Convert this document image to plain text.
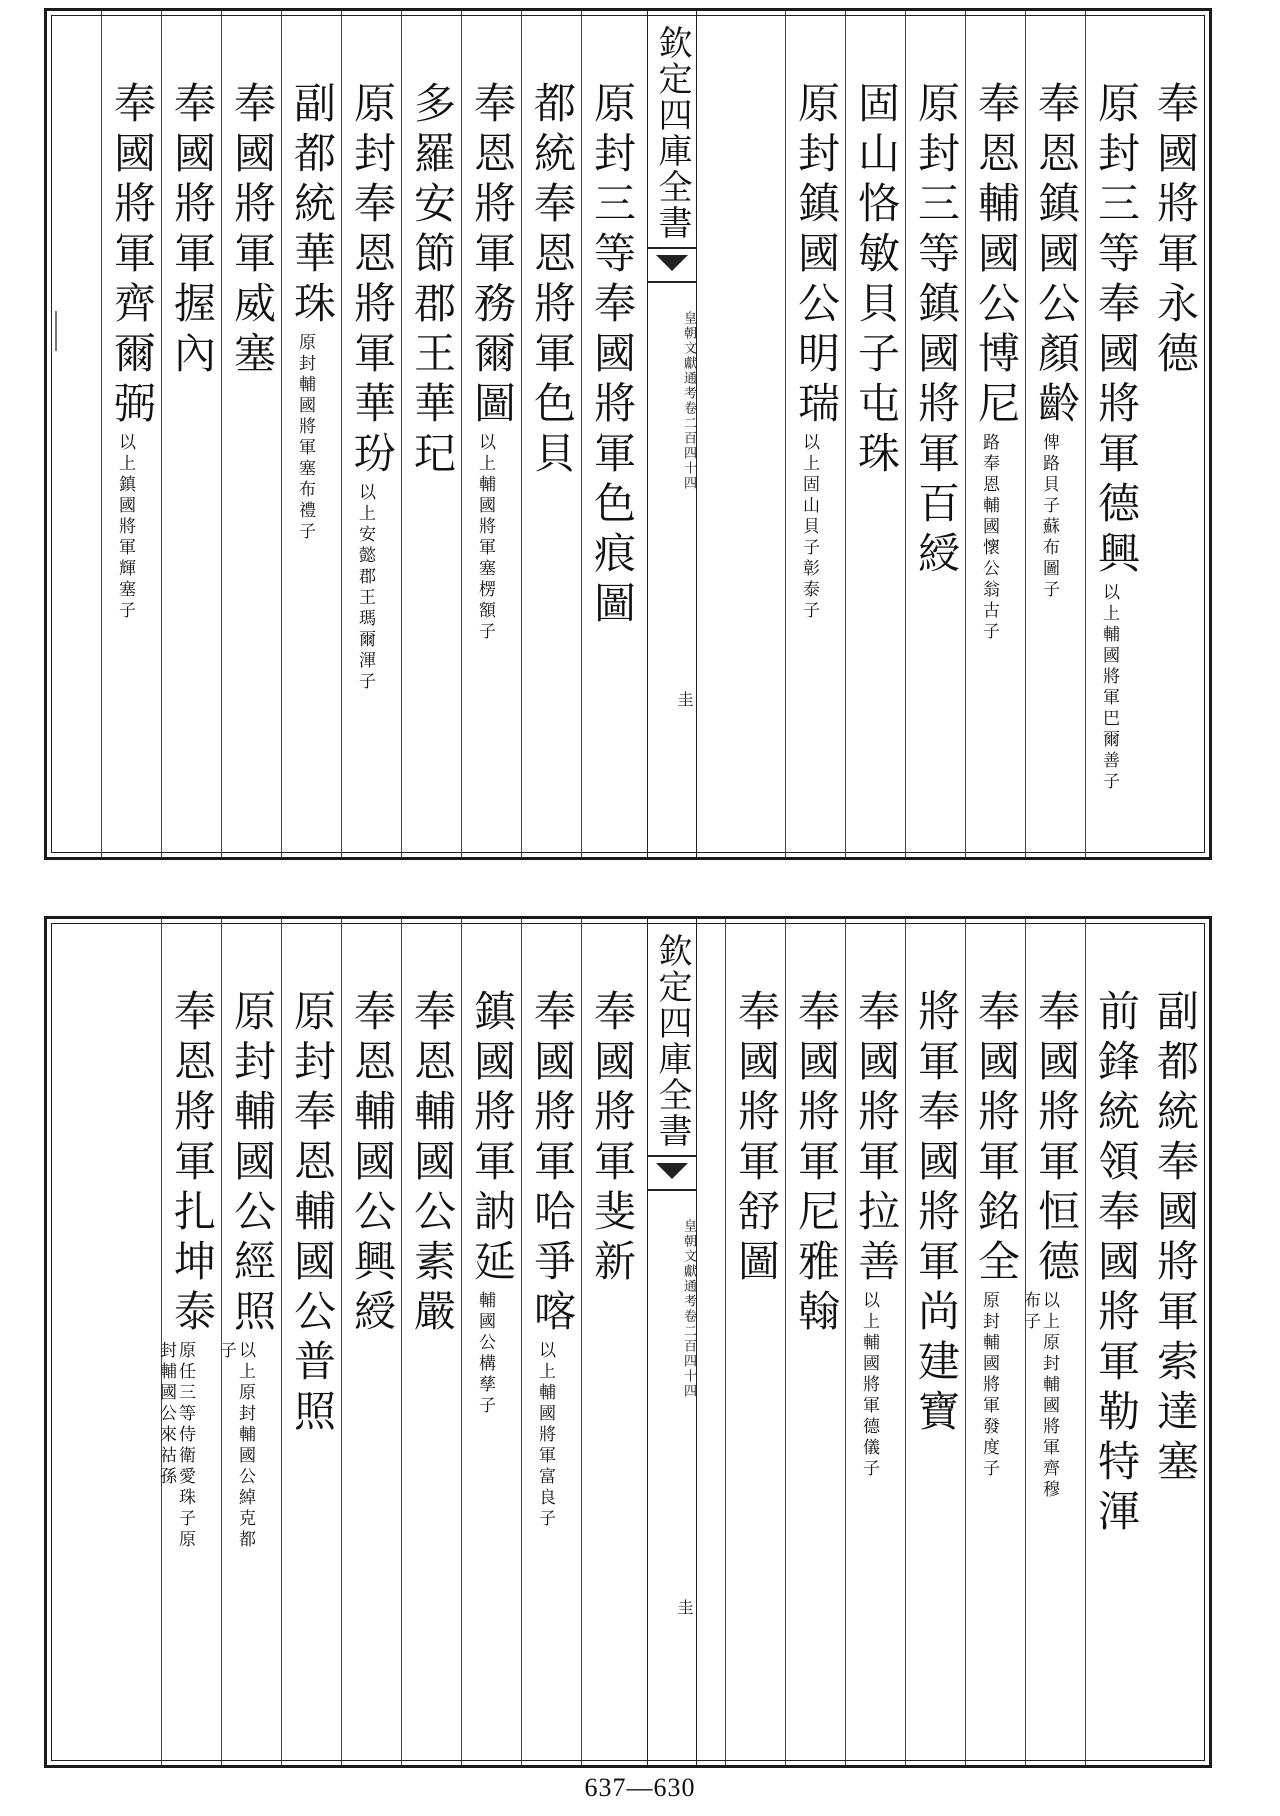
奉國將軍永德
原封三等奉國將軍德興以上輔國將軍巴爾善子
奉恩鎮國公顏齡俾路貝子蘇布圖子
奉恩輔國公博尼路奉恩輔國懷公翁古子
原封三等鎮國將軍百綬
固山恪敏貝子屯珠
原封鎮國公明瑞以上固山貝子彰泰子
原封三等奉國將軍色痕圖
都統奉恩將軍色貝
奉恩將軍務爾圖以上輔國將軍塞楞額子
多羅安節郡王華玘
原封奉恩將軍華玢以上安懿郡王瑪爾渾子
副都統華珠原封輔國將軍塞布禮子
奉國將軍威塞
奉國將軍握內
奉國將軍齊爾弼以上鎮國將軍輝塞子
欽定四庫全書
皇朝文獻通考卷二百四十四
圭
副都統奉國將軍索達塞
前鋒統領奉國將軍勒特渾
奉國將軍恒德以上原封輔國將軍齊穆布子
奉國將軍銘全原封輔國將軍發度子
將軍奉國將軍尚建寶
奉國將軍拉善以上輔國將軍德儀子
奉國將軍尼雅翰
奉國將軍舒圖
奉國將軍斐新
奉國將軍哈爭喀以上輔國將軍富良子
鎮國將軍訥延輔國公構孳子
奉恩輔國公素嚴
奉恩輔國公興綬
原封奉恩輔國公普照
原封輔國公經照以上原封輔國公綽克都子
奉恩將軍扎坤泰原任三等侍衛愛珠子原封輔國公來祜孫
欽定四庫全書
皇朝文獻通考卷二百四十四
圭
637—630
